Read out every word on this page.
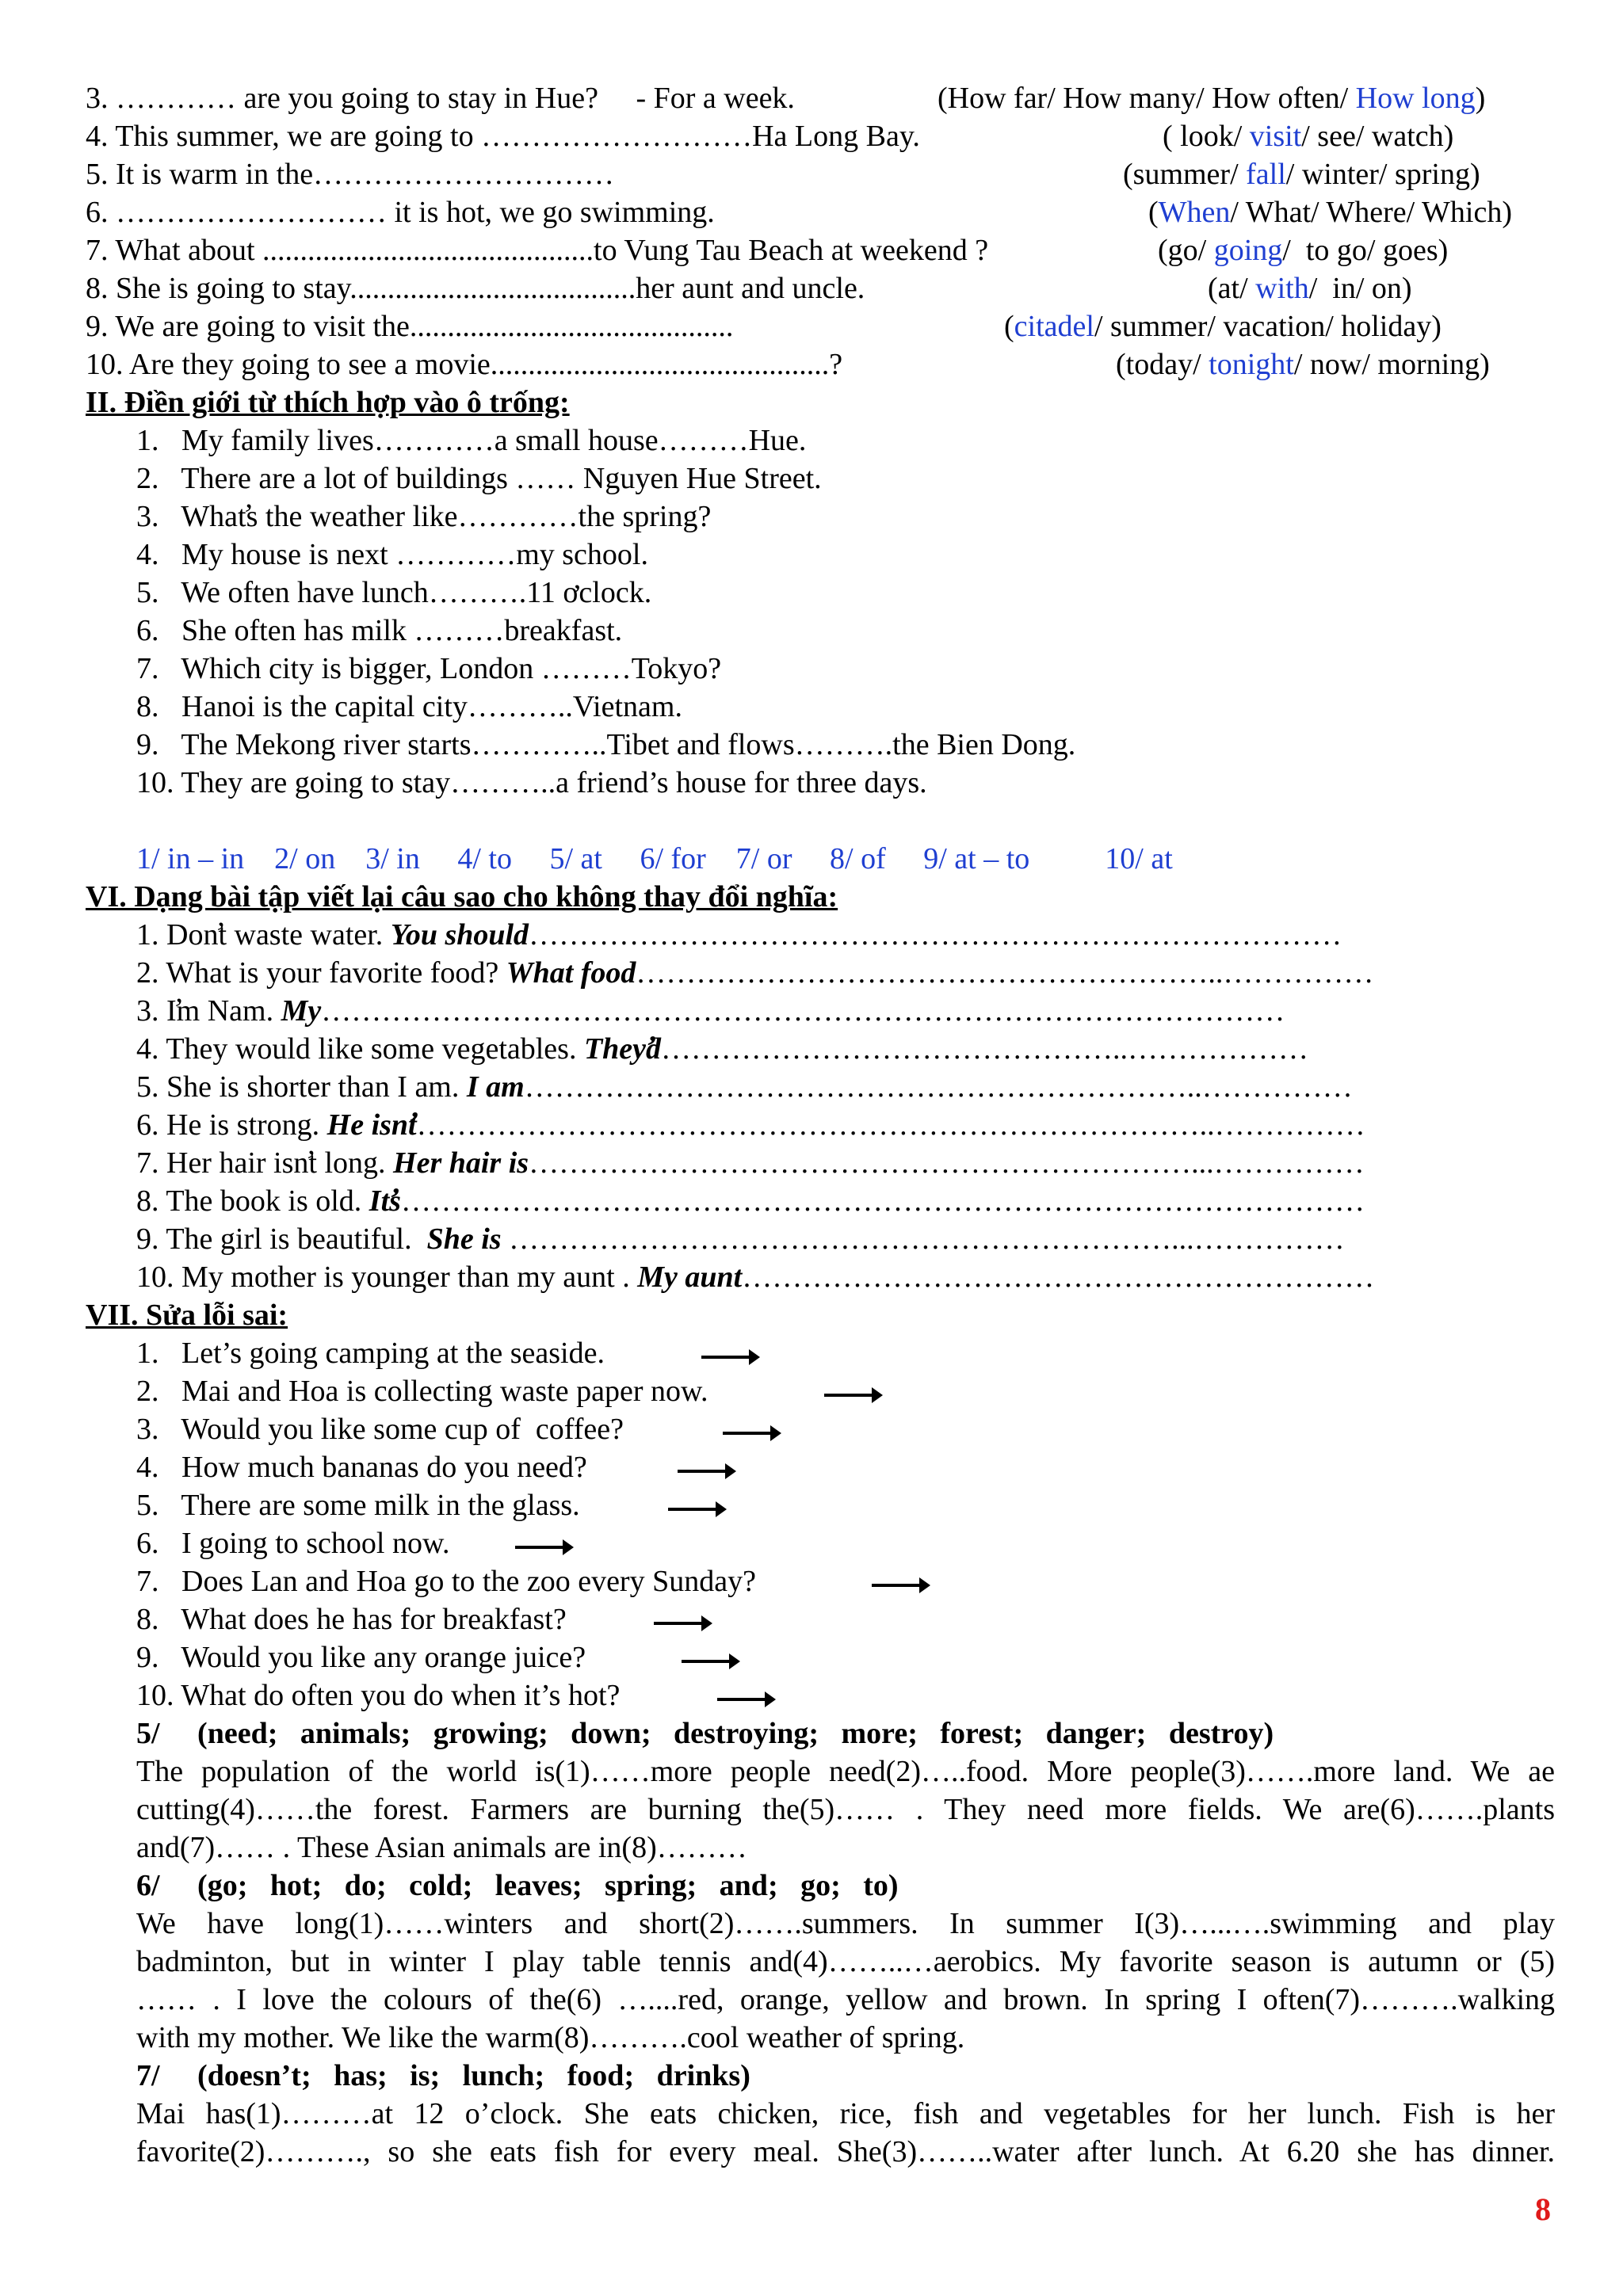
3. ………… are you going to stay in Hue?     - For a week.	(How far/ How many/ How often/ How long)
4. This summer, we are going to ………………………Ha Long Bay.	( look/ visit/ see/ watch)
5. It is warm in the…………………………	(summer/ fall/ winter/ spring)
6. ……………………… it is hot, we go swimming.	(When/ What/ Where/ Which)
7. What about ............................................to Vung Tau Beach at weekend ?	(go/ going/  to go/ goes)
8. She is going to stay......................................her aunt and uncle.	(at/ with/  in/ on)
9. We are going to visit the...........................................	(citadel/ summer/ vacation/ holiday)
10. Are they going to see a movie.............................................?	(today/ tonight/ now/ morning)
II. Điền giới từ thích hợp vào ô trống:
1.   My family lives…………a small house………Hue.
2.   There are a lot of buildings …… Nguyen Hue Street.
3.   What̛s the weather like…………the spring?
4.   My house is next …………my school.
5.   We often have lunch……….11 ơclock.
6.   She often has milk ………breakfast.
7.   Which city is bigger, London ………Tokyo?
8.   Hanoi is the capital city………..Vietnam.
9.   The Mekong river starts…………..Tibet and flows……….the Bien Dong.
10. They are going to stay………..a friend’s house for three days.
1/ in – in    2/ on    3/ in     4/ to     5/ at     6/ for    7/ or     8/ of     9/ at – to          10/ at
VI. Dạng bài tập viết lại câu sao cho không thay đổi nghĩa:
1. Don̛t waste water. You should………………………………………………………………………
2. What is your favorite food? What food…………………………………………………..……………
3. I̛m Nam. My……………………………………………………………………………………
4. They would like some vegetables. They̛d………………………………………..………………
5. She is shorter than I am. I am…………………………………………………………..……………
6. He is strong. He isn̛t……………………………………………………………………..……………
7. Her hair isn̛t long. Her hair is…………………………………………………………...……………
8. The book is old. It̛s……………………………………………………………………………………
9. The girl is beautiful.  She is …………………………………………………………...……………
10. My mother is younger than my aunt . My aunt………………………………………………………
VII. Sửa lỗi sai:
1.   Let’s going camping at the seaside.
2.   Mai and Hoa is collecting waste paper now.
3.   Would you like some cup of  coffee?
4.   How much bananas do you need?
5.   There are some milk in the glass.
6.   I going to school now.
7.   Does Lan and Hoa go to the zoo every Sunday?
8.   What does he has for breakfast?
9.   Would you like any orange juice?
10. What do often you do when it’s hot?
5/     (need;   animals;   growing;   down;   destroying;   more;   forest;   danger;   destroy)
The population of the world is(1)……more people need(2)…..food. More people(3)…….more land. We ae
cutting(4)……the forest. Farmers are burning the(5)…… . They need more fields. We are(6)…….plants
and(7)…… . These Asian animals are in(8)………
6/     (go;   hot;   do;   cold;   leaves;   spring;   and;   go;   to)
We have long(1)……winters and short(2)…….summers. In summer I(3)…...….swimming and play
badminton, but in winter I play table tennis and(4)……..…aerobics. My favorite season is autumn or (5)
…… . I love the colours of the(6) …....red, orange, yellow and brown. In spring I often(7)……….walking
with my mother. We like the warm(8)……….cool weather of spring.
7/     (doesn’t;   has;   is;   lunch;   food;   drinks)
Mai has(1)………at 12 o’clock. She eats chicken, rice, fish and vegetables for her lunch. Fish is her
favorite(2)………., so she eats fish for every meal. She(3)……..water after lunch. At 6.20 she has dinner.
8
